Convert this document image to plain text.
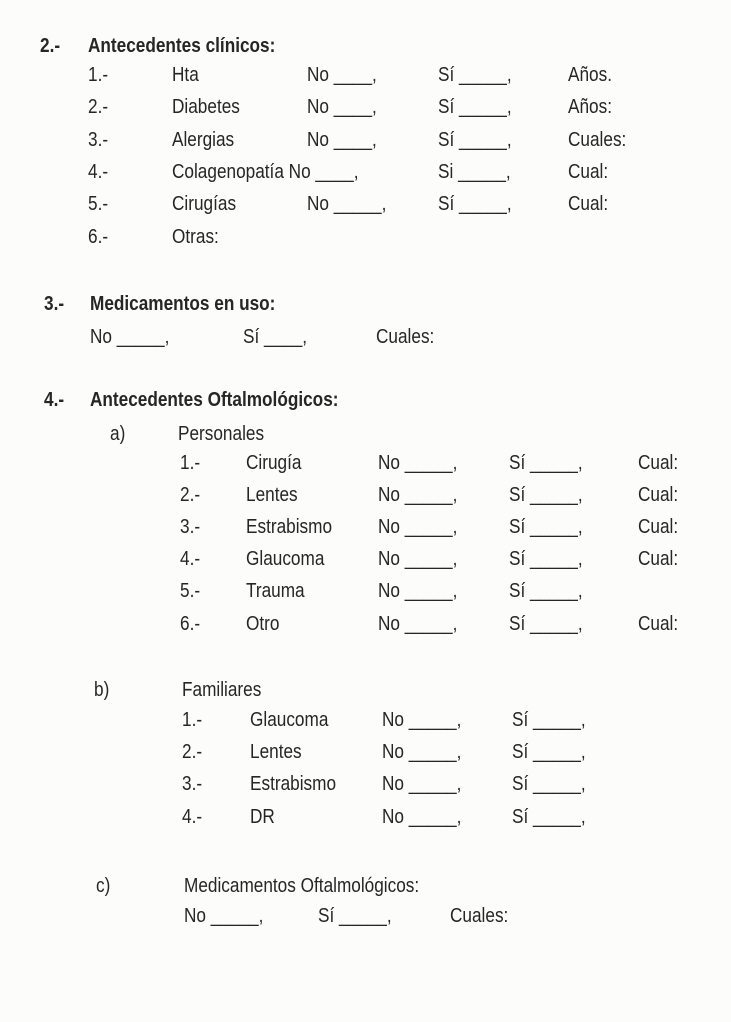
2.- Antecedentes clínicos:
1.-	Hta	No ____,	Sí _____,	Años.
2.-	Diabetes	No ____,	Sí _____,	Años:
3.-	Alergias	No ____,	Sí _____,	Cuales:
4.-	Colagenopatía No ____,	Si _____,	Cual:
5.-	Cirugías	No _____,	Sí _____,	Cual:
6.-	Otras:
3.- Medicamentos en uso:
No _____,	Sí ____,	Cuales:
4.- Antecedentes Oftalmológicos:
a)	Personales
1.- Cirugía	No _____,	Sí _____,	Cual:
2.- Lentes	No _____,	Sí _____,	Cual:
3.- Estrabismo No _____,	Sí _____,	Cual:
4.- Glaucoma	No _____,	Sí _____,	Cual:
5.- Trauma	No _____,	Sí _____,
6.- Otro	No _____,	Sí _____,	Cual:
b)	Familiares
1.- Glaucoma	No _____,	Sí _____,
2.- Lentes	No _____,	Sí _____,
3.- Estrabismo No _____,	Sí _____,
4.- DR	No _____,	Sí _____,
c)	Medicamentos Oftalmológicos:
No _____,	Sí _____,	Cuales:
